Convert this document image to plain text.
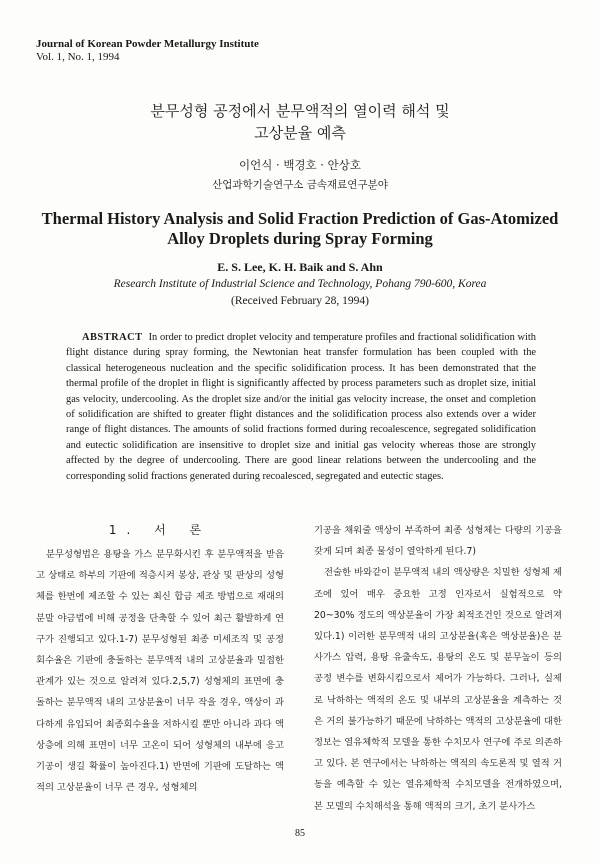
Journal of Korean Powder Metallurgy Institute
Vol. 1, No. 1, 1994
분무성형 공정에서 분무액적의 열이력 해석 및
고상분율 예측
이언식 · 백경호 · 안상호
산업과학기술연구소 금속재료연구분야
Thermal History Analysis and Solid Fraction Prediction of Gas-Atomized
Alloy Droplets during Spray Forming
E. S. Lee, K. H. Baik and S. Ahn
Research Institute of Industrial Science and Technology, Pohang 790-600, Korea
(Received February 28, 1994)
ABSTRACT In order to predict droplet velocity and temperature profiles and fractional solidification with flight distance during spray forming, the Newtonian heat transfer formulation has been coupled with the classical heterogeneous nucleation and the specific solidification process. It has been demonstrated that the thermal profile of the droplet in flight is significantly affected by process parameters such as droplet size, initial gas velocity, undercooling. As the droplet size and/or the initial gas velocity increase, the onset and completion of solidification are shifted to greater flight distances and the solidification process also extends over a wider range of flight distances. The amounts of solid fractions formed during recoalescence, segregated solidification and eutectic solidification are insensitive to droplet size and initial gas velocity whereas those are strongly affected by the degree of undercooling. There are good linear relations between the undercooling and the corresponding solid fractions generated during recoalesced, segregated and eutectic stages.
1. 서 론

분무성형법은 용탕을 가스 분무화시킨 후 분무액적을 받음고 상태로 하부의 기판에 적층시켜 봉상, 관상 및 판상의 성형체를 한번에 제조할 수 있는 최신 합금 제조 방법으로 재래의 분말 야금법에 비해 공정을 단축할 수 있어 최근 활발하게 연구가 진행되고 있다.1-7) 분무성형된 최종 미세조직 및 공정회수율은 기판에 충돌하는 분무액적 내의 고상분율과 밀접한 관계가 있는 것으로 알려져 있다.2,5,7) 성형체의 표면에 충돌하는 분무액적 내의 고상분율이 너무 작을 경우, 액상이 과다하게 유입되어 최종회수율을 저하시킬 뿐만 아니라 과다 액상층에 의해 표면이 너무 고온이 되어 성형체의 내부에 응고 기공이 생길 확률이 높아진다.1) 반면에 기판에 도달하는 액적의 고상분율이 너무 큰 경우, 성형체의

기공을 채워줄 액상이 부족하여 최종 성형체는 다량의 기공을 갖게 되며 최종 물성이 열악하게 된다.7)

전술한 바와같이 분무액적 내의 액상량은 치밀한 성형체 제조에 있어 매우 중요한 고정 인자로서 실험적으로 약 20~30% 정도의 액상분율이 가장 최적조건인 것으로 알려져 있다.1) 이러한 분무액적 내의 고상분율(혹은 액상분율)은 분사가스 압력, 용탕 유출속도, 용탕의 온도 및 분무높이 등의 공정 변수를 변화시킴으로서 제어가 가능하다. 그러나, 실제로 낙하하는 액적의 온도 및 내부의 고상분율을 계측하는 것은 거의 불가능하기 때문에 낙하하는 액적의 고상분율에 대한 정보는 열유체학적 모델을 통한 수치모사 연구에 주로 의존하고 있다. 본 연구에서는 낙하하는 액적의 속도론적 및 열적 거동을 예측할 수 있는 열유체학적 수치모델을 전개하였으며, 본 모델의 수치해석을 통해 액적의 크기, 초기 분사가스

85
